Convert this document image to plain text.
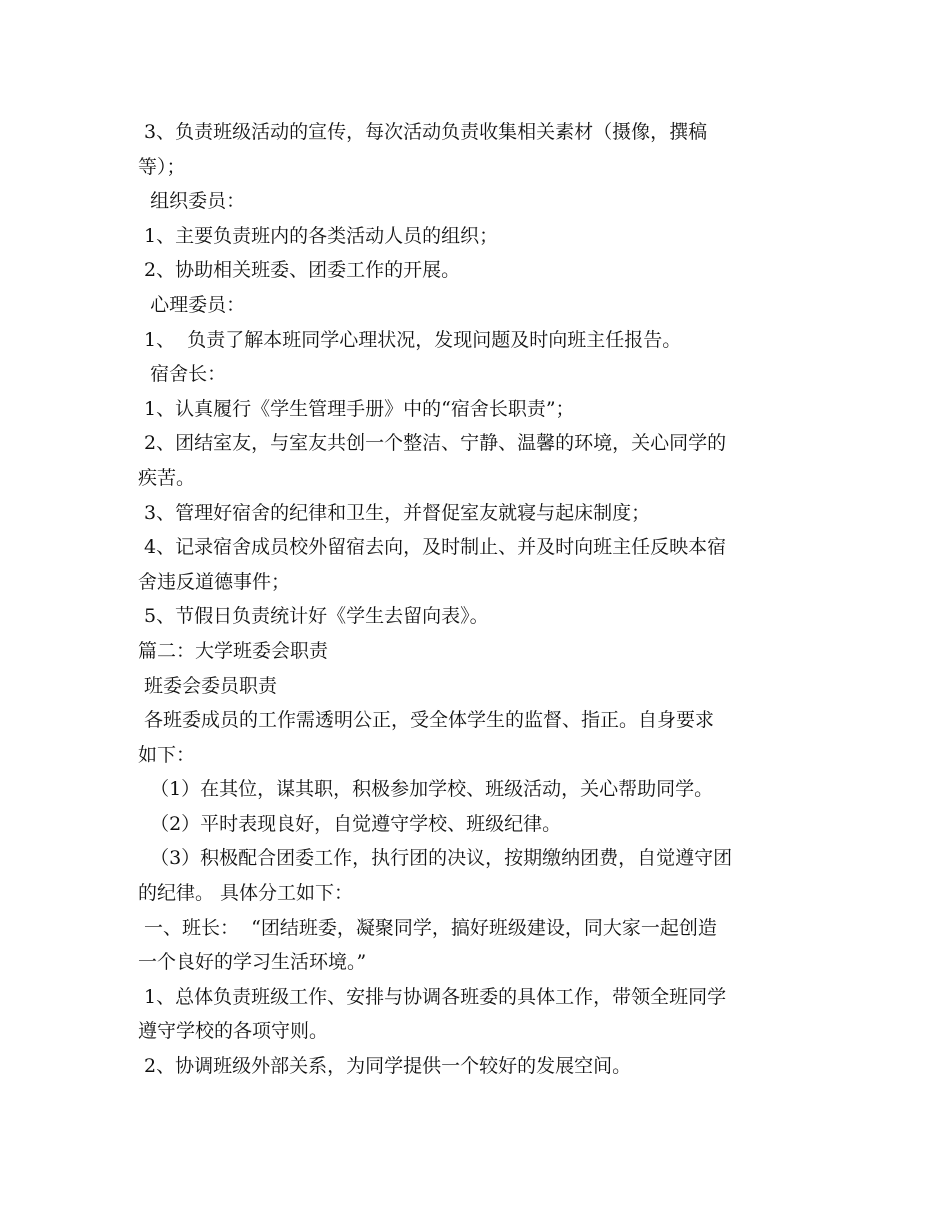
3、负责班级活动的宣传，每次活动负责收集相关素材（摄像，撰稿
等）；
组织委员：
1、主要负责班内的各类活动人员的组织；
2、协助相关班委、团委工作的开展。
心理委员：
1、  负责了解本班同学心理状况，发现问题及时向班主任报告。
宿舍长：
1、认真履行《学生管理手册》中的“宿舍长职责”；
2、团结室友，与室友共创一个整洁、宁静、温馨的环境，关心同学的
疾苦。
3、管理好宿舍的纪律和卫生，并督促室友就寝与起床制度；
4、记录宿舍成员校外留宿去向，及时制止、并及时向班主任反映本宿
舍违反道德事件；
5、节假日负责统计好《学生去留向表》。
篇二：大学班委会职责
班委会委员职责
各班委成员的工作需透明公正，受全体学生的监督、指正。自身要求
如下：
（1）在其位，谋其职，积极参加学校、班级活动，关心帮助同学。
（2）平时表现良好，自觉遵守学校、班级纪律。
（3）积极配合团委工作，执行团的决议，按期缴纳团费，自觉遵守团
的纪律。 具体分工如下：
一、班长：  “团结班委，凝聚同学，搞好班级建设，同大家一起创造
一个良好的学习生活环境。”
1、总体负责班级工作、安排与协调各班委的具体工作，带领全班同学
遵守学校的各项守则。
2、协调班级外部关系，为同学提供一个较好的发展空间。
